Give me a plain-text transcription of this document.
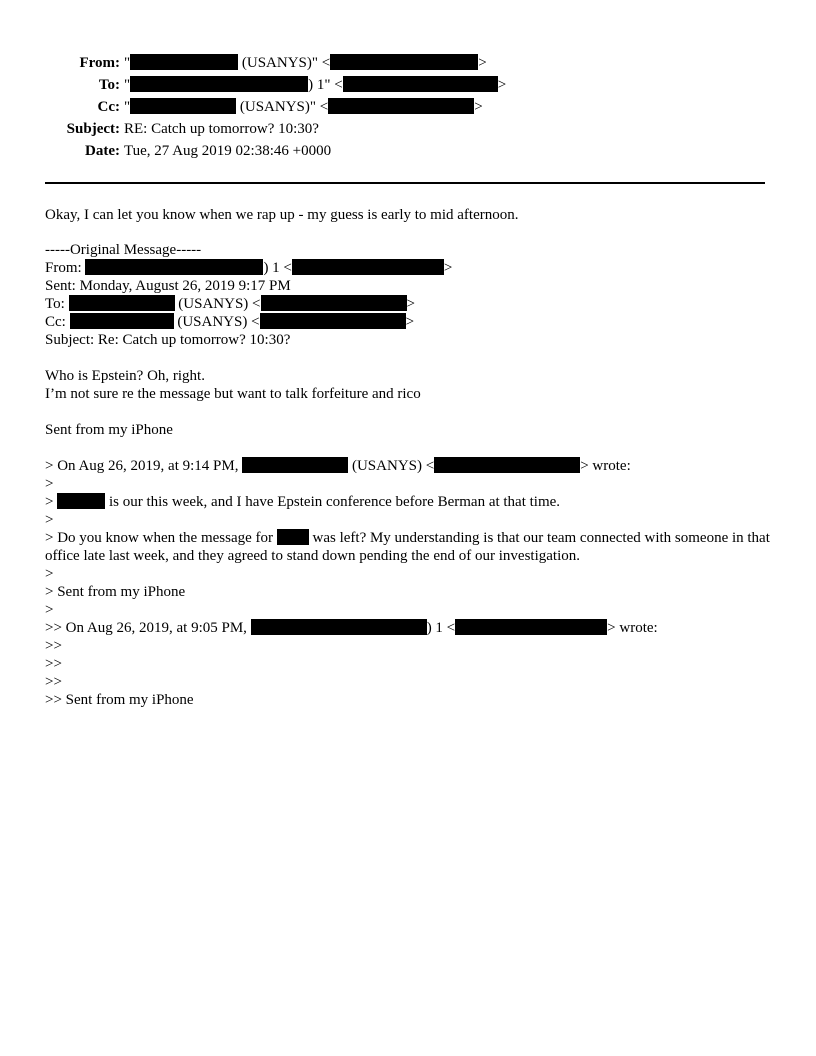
From: "	(USANYS)" <	>
To: "	) 1" <	>
Cc: "	(USANYS)" <	>
Subject: RE: Catch up tomorrow? 10:30?
Date: Tue, 27 Aug 2019 02:38:46 +0000
Okay, I can let you know when we rap up - my guess is early to mid afternoon.
-----Original Message-----
From:	) 1 <	>
Sent: Monday, August 26, 2019 9:17 PM
To:	(USANYS) <	>
Cc:	(USANYS) <	>
Subject: Re: Catch up tomorrow? 10:30?
Who is Epstein? Oh, right.
I’m not sure re the message but want to talk forfeiture and rico
Sent from my iPhone
> On Aug 26, 2019, at 9:14 PM,	(USANYS) <	> wrote:
>
>	is our this week, and I have Epstein conference before Berman at that time.
>
> Do you know when the message for  was left? My understanding is that our team connected with someone in that office late last week, and they agreed to stand down pending the end of our investigation.
>
> Sent from my iPhone
>
>> On Aug 26, 2019, at 9:05 PM,	) 1 <	> wrote:
>>
>>
>>
>> Sent from my iPhone
